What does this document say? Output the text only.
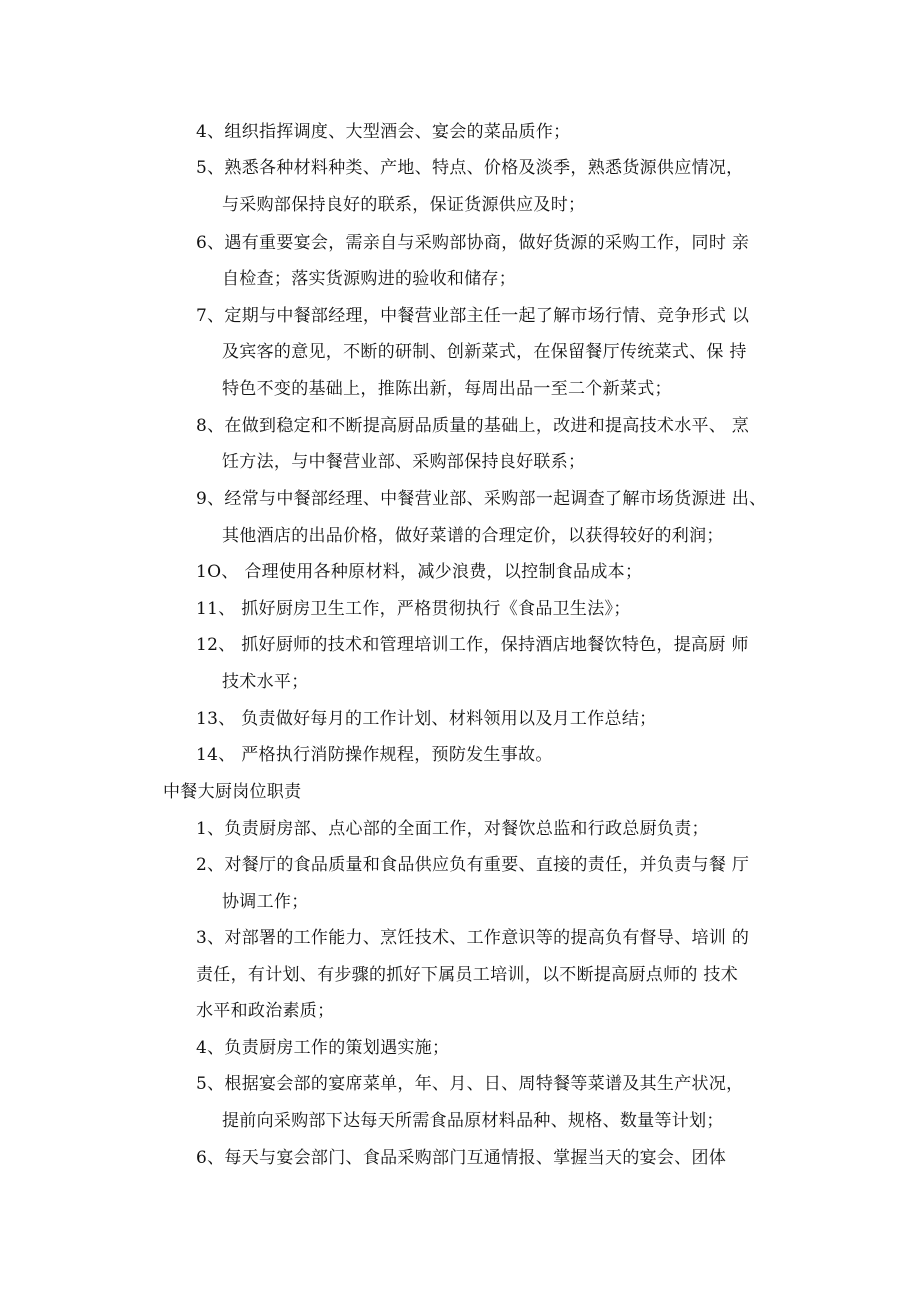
4、组织指挥调度、大型酒会、宴会的菜品质作；
5、熟悉各种材料种类、产地、特点、价格及淡季，熟悉货源供应情况，
与采购部保持良好的联系，保证货源供应及时；
6、遇有重要宴会，需亲自与采购部协商，做好货源的采购工作，同时 亲
自检查；落实货源购进的验收和储存；
7、定期与中餐部经理，中餐营业部主任一起了解市场行情、竞争形式 以
及宾客的意见，不断的研制、创新菜式，在保留餐厅传统菜式、保 持
特色不变的基础上，推陈出新，每周出品一至二个新菜式；
8、在做到稳定和不断提高厨品质量的基础上，改进和提高技术水平、 烹
饪方法，与中餐营业部、采购部保持良好联系；
9、经常与中餐部经理、中餐营业部、采购部一起调查了解市场货源进 出、
其他酒店的出品价格，做好菜谱的合理定价，以获得较好的利润；
1O、 合理使用各种原材料，减少浪费，以控制食品成本；
11、 抓好厨房卫生工作，严格贯彻执行《食品卫生法》；
12、 抓好厨师的技术和管理培训工作，保持酒店地餐饮特色，提高厨 师
技术水平；
13、 负责做好每月的工作计划、材料领用以及月工作总结；
14、 严格执行消防操作规程，预防发生事故。
中餐大厨岗位职责
1、负责厨房部、点心部的全面工作，对餐饮总监和行政总厨负责；
2、对餐厅的食品质量和食品供应负有重要、直接的责任，并负责与餐 厅
协调工作；
3、对部署的工作能力、烹饪技术、工作意识等的提高负有督导、培训 的
责任，有计划、有步骤的抓好下属员工培训，以不断提高厨点师的 技术
水平和政治素质；
4、负责厨房工作的策划遇实施；
5、根据宴会部的宴席菜单，年、月、日、周特餐等菜谱及其生产状况，
提前向采购部下达每天所需食品原材料品种、规格、数量等计划；
6、每天与宴会部门、食品采购部门互通情报、掌握当天的宴会、团体
